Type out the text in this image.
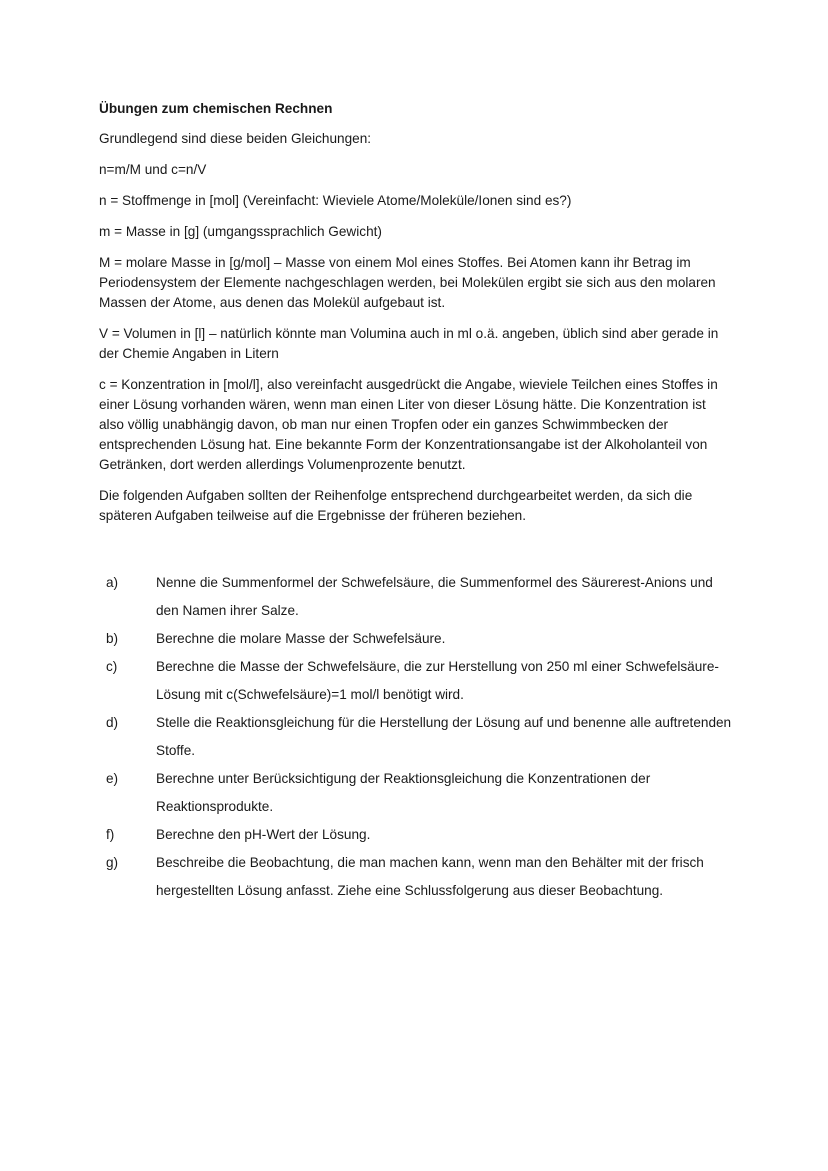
Übungen zum chemischen Rechnen
Grundlegend sind diese beiden Gleichungen:
n=m/M und c=n/V
n = Stoffmenge in [mol] (Vereinfacht: Wieviele Atome/Moleküle/Ionen sind es?)
m = Masse in [g] (umgangssprachlich Gewicht)
M = molare Masse in [g/mol] – Masse von einem Mol eines Stoffes. Bei Atomen kann ihr Betrag im Periodensystem der Elemente nachgeschlagen werden, bei Molekülen ergibt sie sich aus den molaren Massen der Atome, aus denen das Molekül aufgebaut ist.
V = Volumen in [l] – natürlich könnte man Volumina auch in ml o.ä. angeben, üblich sind aber gerade in der Chemie Angaben in Litern
c = Konzentration in [mol/l], also vereinfacht ausgedrückt die Angabe, wieviele Teilchen eines Stoffes in einer Lösung vorhanden wären, wenn man einen Liter von dieser Lösung hätte. Die Konzentration ist also völlig unabhängig davon, ob man nur einen Tropfen oder ein ganzes Schwimmbecken der entsprechenden Lösung hat. Eine bekannte Form der Konzentrationsangabe ist der Alkoholanteil von Getränken, dort werden allerdings Volumenprozente benutzt.
Die folgenden Aufgaben sollten der Reihenfolge entsprechend durchgearbeitet werden, da sich die späteren Aufgaben teilweise auf die Ergebnisse der früheren beziehen.
a)	Nenne die Summenformel der Schwefelsäure, die Summenformel des Säurerest-Anions und den Namen ihrer Salze.
b)	Berechne die molare Masse der Schwefelsäure.
c)	Berechne die Masse der Schwefelsäure, die zur Herstellung von 250 ml einer Schwefelsäure-Lösung mit c(Schwefelsäure)=1 mol/l benötigt wird.
d)	Stelle die Reaktionsgleichung für die Herstellung der Lösung auf und benenne alle auftretenden Stoffe.
e)	Berechne unter Berücksichtigung der Reaktionsgleichung die Konzentrationen der Reaktionsprodukte.
f)	Berechne den pH-Wert der Lösung.
g)	Beschreibe die Beobachtung, die man machen kann, wenn man den Behälter mit der frisch hergestellten Lösung anfasst. Ziehe eine Schlussfolgerung aus dieser Beobachtung.
